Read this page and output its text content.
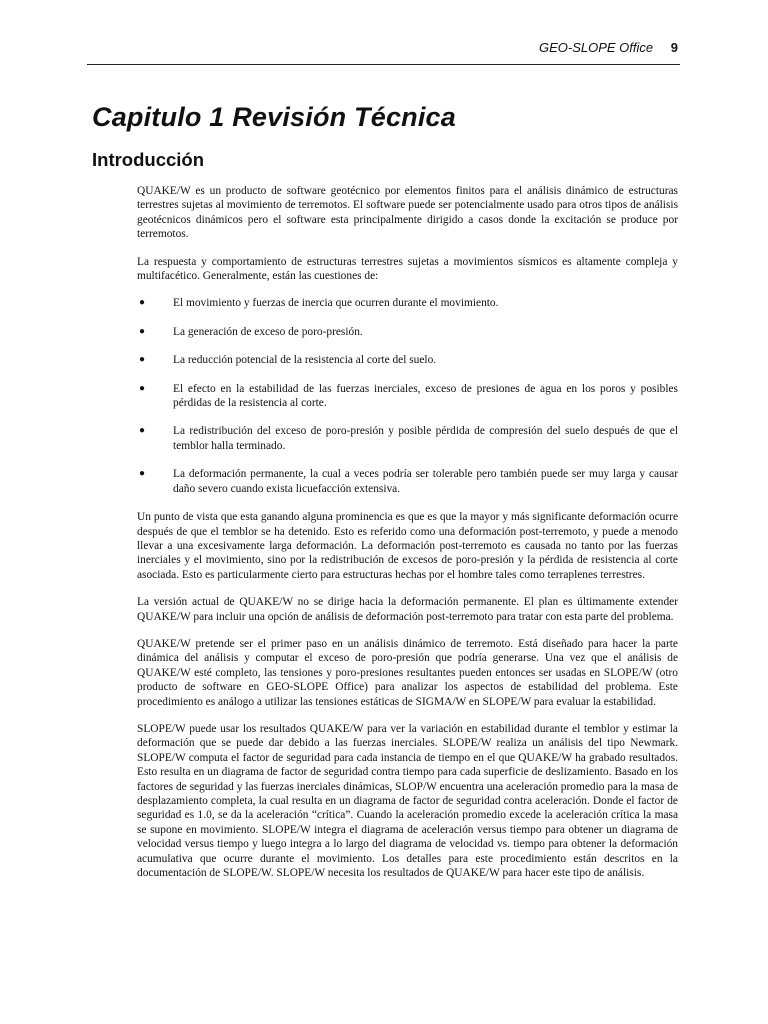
GEO-SLOPE Office 9
Capitulo 1 Revisión Técnica
Introducción

QUAKE/W es un producto de software geotécnico por elementos finitos para el análisis dinámico de estructuras terrestres sujetas al movimiento de terremotos. El software puede ser potencialmente usado para otros tipos de análisis geotécnicos dinámicos pero el software esta principalmente dirigido a casos donde la excitación se produce por terremotos.

La respuesta y comportamiento de estructuras terrestres sujetas a movimientos sísmicos es altamente compleja y multifacético. Generalmente, están las cuestiones de:

● El movimiento y fuerzas de inercia que ocurren durante el movimiento.
● La generación de exceso de poro-presión.
● La reducción potencial de la resistencia al corte del suelo.
● El efecto en la estabilidad de las fuerzas inerciales, exceso de presiones de agua en los poros y posibles pérdidas de la resistencia al corte.
● La redistribución del exceso de poro-presión y posible pérdida de compresión del suelo después de que el temblor halla terminado.
● La deformación permanente, la cual a veces podría ser tolerable pero también puede ser muy larga y causar daño severo cuando exista licuefacción extensiva.

Un punto de vista que esta ganando alguna prominencia es que es que la mayor y más significante deformación ocurre después de que el temblor se ha detenido. Esto es referido como una deformación post-terremoto, y puede a menodo llevar a una excesivamente larga deformación. La deformación post-terremoto es causada no tanto por las fuerzas inerciales y el movimiento, sino por la redistribución de excesos de poro-presión y la pérdida de resistencia al corte asociada. Esto es particularmente cierto para estructuras hechas por el hombre tales como terraplenes terrestres.

La versión actual de QUAKE/W no se dirige hacia la deformación permanente. El plan es últimamente extender QUAKE/W para incluir una opción de análisis de deformación post-terremoto para tratar con esta parte del problema.

QUAKE/W pretende ser el primer paso en un análisis dinámico de terremoto. Está diseñado para hacer la parte dinámica del análisis y computar el exceso de poro-presión que podría generarse. Una vez que el análisis de QUAKE/W esté completo, las tensiones y poro-presiones resultantes pueden entonces ser usadas en SLOPE/W (otro producto de software en GEO-SLOPE Office) para analizar los aspectos de estabilidad del problema. Este procedimiento es análogo a utilizar las tensiones estáticas de SIGMA/W en SLOPE/W para evaluar la estabilidad.

SLOPE/W puede usar los resultados QUAKE/W para ver la variación en estabilidad durante el temblor y estimar la deformación que se puede dar debido a las fuerzas inerciales. SLOPE/W realiza un análisis del tipo Newmark. SLOPE/W computa el factor de seguridad para cada instancia de tiempo en el que QUAKE/W ha grabado resultados. Esto resulta en un diagrama de factor de seguridad contra tiempo para cada superficie de deslizamiento. Basado en los factores de seguridad y las fuerzas inerciales dinámicas, SLOP/W encuentra una aceleración promedio para la masa de desplazamiento completa, la cual resulta en un diagrama de factor de seguridad contra aceleración. Donde el factor de seguridad es 1.0, se da la aceleración “crítica”. Cuando la aceleración promedio excede la aceleración crítica la masa se supone en movimiento. SLOPE/W integra el diagrama de aceleración versus tiempo para obtener un diagrama de velocidad versus tiempo y luego integra a lo largo del diagrama de velocidad vs. tiempo para obtener la deformación acumulativa que ocurre durante el movimiento. Los detalles para este procedimiento están descritos en la documentación de SLOPE/W. SLOPE/W necesita los resultados de QUAKE/W para hacer este tipo de análisis.
